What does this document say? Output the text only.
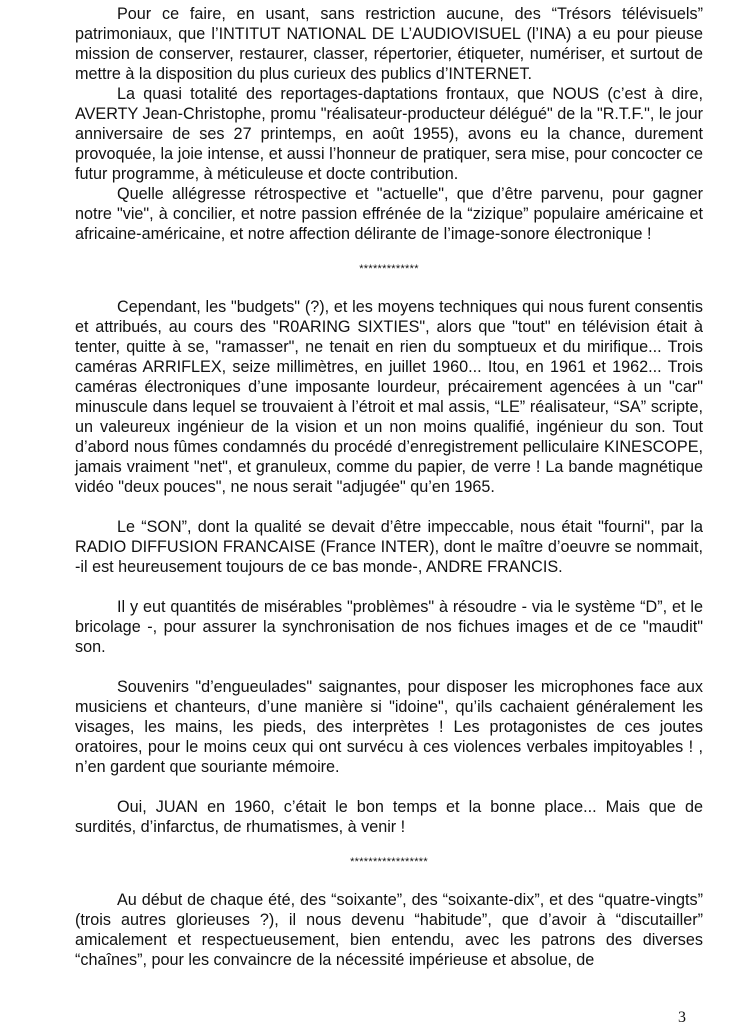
Pour ce faire, en usant, sans restriction aucune, des “Trésors télévisuels” patrimoniaux, que l’INTITUT NATIONAL DE L’AUDIOVISUEL (l’INA) a eu pour pieuse mission de conserver, restaurer, classer, répertorier, étiqueter, numériser, et surtout de mettre à la disposition du plus curieux des publics d’INTERNET.

La quasi totalité des reportages-daptations frontaux, que NOUS (c’est à dire, AVERTY Jean-Christophe, promu "réalisateur-producteur délégué" de la "R.T.F.", le jour anniversaire de ses 27 printemps, en août 1955), avons eu la chance, durement provoquée, la joie intense, et aussi l’honneur de pratiquer, sera mise, pour concocter ce futur programme, à méticuleuse et docte contribution.

Quelle allégresse rétrospective et "actuelle", que d’être parvenu, pour gagner notre "vie", à concilier, et notre passion effrénée de la “zizique” populaire américaine et africaine-américaine, et notre affection délirante de l’image-sonore électronique !

*************

Cependant, les "budgets" (?), et les moyens techniques qui nous furent consentis et attribués, au cours des "R0ARING SIXTIES", alors que "tout" en télévision était à tenter, quitte à se, "ramasser", ne tenait en rien du somptueux et du mirifique... Trois caméras ARRIFLEX, seize millimètres, en juillet 1960... Itou, en 1961 et 1962... Trois caméras électroniques d’une imposante lourdeur, précairement agencées à un "car" minuscule dans lequel se trouvaient à l’étroit et mal assis, “LE” réalisateur, “SA” scripte, un valeureux ingénieur de la vision et un non moins qualifié, ingénieur du son. Tout d’abord nous fûmes condamnés du procédé d’enregistrement pelliculaire KINESCOPE, jamais vraiment "net", et granuleux, comme du papier, de verre ! La bande magnétique vidéo "deux pouces", ne nous serait "adjugée" qu’en 1965.

Le “SON”, dont la qualité se devait d’être impeccable, nous était "fourni", par la RADIO DIFFUSION FRANCAISE (France INTER), dont le maître d’oeuvre se nommait, -il est heureusement toujours de ce bas monde-, ANDRE FRANCIS.

Il y eut quantités de misérables "problèmes" à résoudre - via le système “D”, et le bricolage -, pour assurer la synchronisation de nos fichues images et de ce "maudit" son.

Souvenirs "d’engueulades" saignantes, pour disposer les microphones face aux musiciens et chanteurs, d’une manière si "idoine", qu’ils cachaient généralement les visages, les mains, les pieds, des interprètes ! Les protagonistes de ces joutes oratoires, pour le moins ceux qui ont survécu à ces violences verbales impitoyables ! , n’en gardent que souriante mémoire.

Oui, JUAN en 1960, c’était le bon temps et la bonne place... Mais que de surdités, d’infarctus, de rhumatismes, à venir !

*****************

Au début de chaque été, des “soixante”, des “soixante-dix”, et des “quatre-vingts” (trois autres glorieuses ?), il nous devenu “habitude”, que d’avoir à “discutailler” amicalement et respectueusement, bien entendu, avec les patrons des diverses “chaînes”, pour les convaincre de la nécessité impérieuse et absolue, de

3
